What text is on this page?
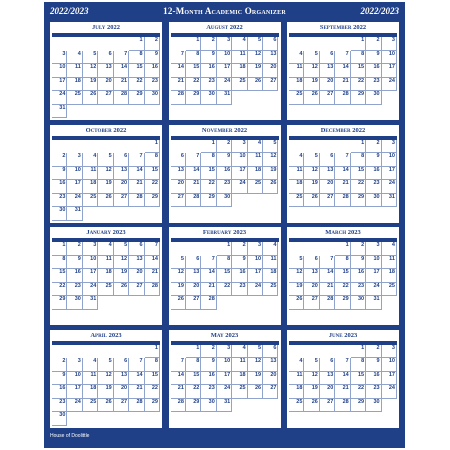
2022/2023	12-Month Academic Organizer	2022/2023
July 2022
1 2
3 4 5 6 7 8 9
10 11 12 13 14 15 16
17 18 19 20 21 22 23
24 25 26 27 28 29 30
31
August 2022
1 2 3 4 5 6
7 8 9 10 11 12 13
14 15 16 17 18 19 20
21 22 23 24 25 26 27
28 29 30 31
September 2022
1 2 3
4 5 6 7 8 9 10
11 12 13 14 15 16 17
18 19 20 21 22 23 24
25 26 27 28 29 30
October 2022
1
2 3 4 5 6 7 8
9 10 11 12 13 14 15
16 17 18 19 20 21 22
23 24 25 26 27 28 29
30 31
November 2022
1 2 3 4 5
6 7 8 9 10 11 12
13 14 15 16 17 18 19
20 21 22 23 24 25 26
27 28 29 30
December 2022
1 2 3
4 5 6 7 8 9 10
11 12 13 14 15 16 17
18 19 20 21 22 23 24
25 26 27 28 29 30 31
January 2023
1 2 3 4 5 6 7
8 9 10 11 12 13 14
15 16 17 18 19 20 21
22 23 24 25 26 27 28
29 30 31
February 2023
1 2 3 4
5 6 7 8 9 10 11
12 13 14 15 16 17 18
19 20 21 22 23 24 25
26 27 28
March 2023
1 2 3 4
5 6 7 8 9 10 11
12 13 14 15 16 17 18
19 20 21 22 23 24 25
26 27 28 29 30 31
April 2023
1
2 3 4 5 6 7 8
9 10 11 12 13 14 15
16 17 18 19 20 21 22
23 24 25 26 27 28 29
30
May 2023
1 2 3 4 5 6
7 8 9 10 11 12 13
14 15 16 17 18 19 20
21 22 23 24 25 26 27
28 29 30 31
June 2023
1 2 3
4 5 6 7 8 9 10
11 12 13 14 15 16 17
18 19 20 21 22 23 24
25 26 27 28 29 30
House of Doolittle
